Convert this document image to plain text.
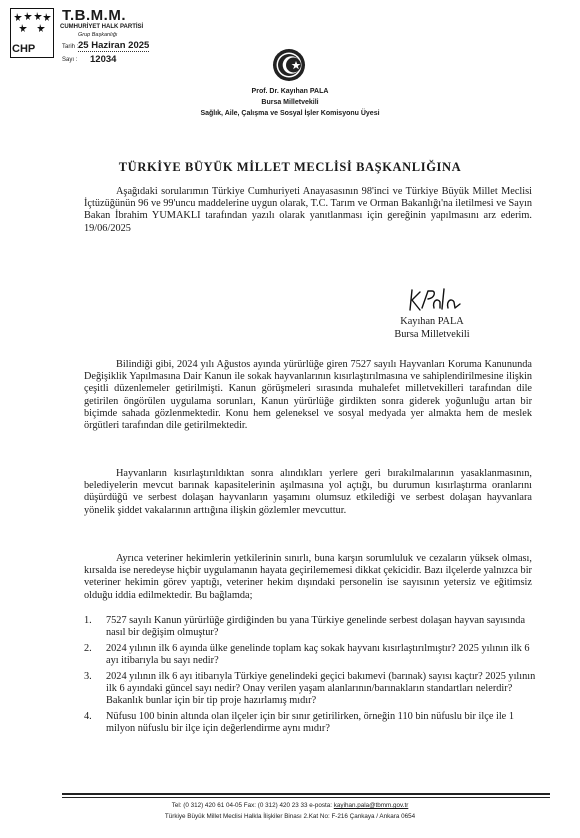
CHP
T.B.M.M.
CUMHURİYET HALK PARTİSİ
Grup Başkanlığı
Tarih : 25 Haziran 2025
Sayı : 12034
Prof. Dr. Kayıhan PALA
Bursa Milletvekili
Sağlık, Aile, Çalışma ve Sosyal İşler Komisyonu Üyesi
TÜRKİYE BÜYÜK MİLLET MECLİSİ BAŞKANLIĞINA
Aşağıdaki sorularımın Türkiye Cumhuriyeti Anayasasının 98'inci ve Türkiye Büyük Millet Meclisi İçtüzüğünün 96 ve 99'uncu maddelerine uygun olarak, T.C. Tarım ve Orman Bakanlığı'na iletilmesi ve Sayın Bakan İbrahim YUMAKLI tarafından yazılı olarak yanıtlanması için gereğinin yapılmasını arz ederim. 19/06/2025
Kayıhan PALA
Bursa Milletvekili
Bilindiği gibi, 2024 yılı Ağustos ayında yürürlüğe giren 7527 sayılı Hayvanları Koruma Kanununda Değişiklik Yapılmasına Dair Kanun ile sokak hayvanlarının kısırlaştırılmasına ve sahiplendirilmesine ilişkin çeşitli düzenlemeler getirilmişti. Kanun görüşmeleri sırasında muhalefet milletvekilleri tarafından dile getirilen öngörülen uygulama sorunları, Kanun yürürlüğe girdikten sonra giderek yoğunluğu artan bir biçimde sahada gözlenmektedir. Konu hem geleneksel ve sosyal medyada yer almakta hem de meslek örgütleri tarafından dile getirilmektedir.
Hayvanların kısırlaştırıldıktan sonra alındıkları yerlere geri bırakılmalarının yasaklanmasının, belediyelerin mevcut barınak kapasitelerinin aşılmasına yol açtığı, bu durumun kısırlaştırma oranlarını düşürdüğü ve serbest dolaşan hayvanların yaşamını olumsuz etkilediği ve serbest dolaşan hayvanlara yönelik şiddet vakalarının arttığına ilişkin gözlemler mevcuttur.
Ayrıca veteriner hekimlerin yetkilerinin sınırlı, buna karşın sorumluluk ve cezaların yüksek olması, kırsalda ise neredeyse hiçbir uygulamanın hayata geçirilememesi dikkat çekicidir. Bazı ilçelerde yalnızca bir veteriner hekimin görev yaptığı, veteriner hekim dışındaki personelin ise sayısının yetersiz ve eğitimsiz olduğu iddia edilmektedir. Bu bağlamda;
1. 7527 sayılı Kanun yürürlüğe girdiğinden bu yana Türkiye genelinde serbest dolaşan hayvan sayısında nasıl bir değişim olmuştur?
2. 2024 yılının ilk 6 ayında ülke genelinde toplam kaç sokak hayvanı kısırlaştırılmıştır? 2025 yılının ilk 6 ayı itibarıyla bu sayı nedir?
3. 2024 yılının ilk 6 ayı itibarıyla Türkiye genelindeki geçici bakımevi (barınak) sayısı kaçtır? 2025 yılının ilk 6 ayındaki güncel sayı nedir? Onay verilen yaşam alanlarının/barınakların standartları nelerdir? Bakanlık bunlar için bir tip proje hazırlamış mıdır?
4. Nüfusu 100 binin altında olan ilçeler için bir sınır getirilirken, örneğin 110 bin nüfuslu bir ilçe ile 1 milyon nüfuslu bir ilçe için değerlendirme aynı mıdır?
Tel: (0 312) 420 61 04-05 Fax: (0 312) 420 23 33 e-posta: kayihan.pala@tbmm.gov.tr
Türkiye Büyük Millet Meclisi Halkla İlişkiler Binası 2.Kat No: F-216 Çankaya / Ankara 0654
